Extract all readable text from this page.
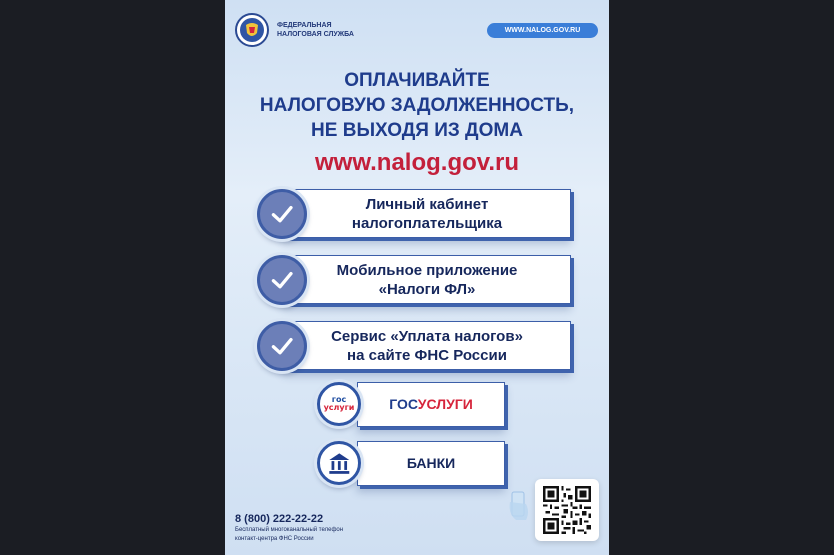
ФЕДЕРАЛЬНАЯ
НАЛОГОВАЯ СЛУЖБА
WWW.NALOG.GOV.RU
ОПЛАЧИВАЙТЕ
НАЛОГОВУЮ ЗАДОЛЖЕННОСТЬ,
НЕ ВЫХОДЯ ИЗ ДОМА
www.nalog.gov.ru
Личный кабинет
налогоплательщика
Мобильное приложение
«Налоги ФЛ»
Сервис «Уплата налогов»
на сайте ФНС России
ГОСУСЛУГИ
гос
услуги
БАНКИ
8 (800) 222-22-22
Бесплатный многоканальный телефон
контакт-центра ФНС России
